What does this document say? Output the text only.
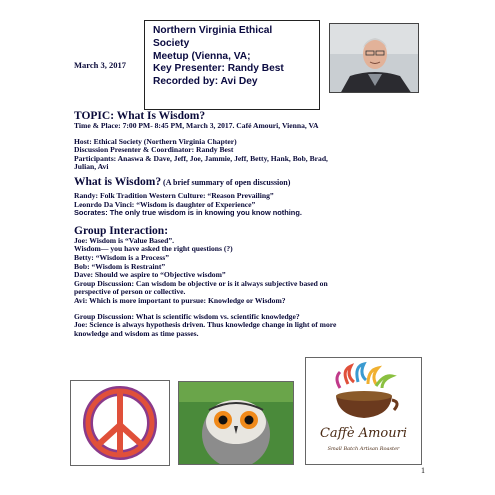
March 3, 2017
Northern Virginia Ethical
Society
Meetup (Vienna, VA;
Key Presenter: Randy Best
Recorded by: Avi Dey
TOPIC: What Is Wisdom?
Time & Place: 7:00 PM- 8:45 PM, March 3, 2017. Café Amouri, Vienna, VA
Host: Ethical Society (Northern Virginia Chapter)
Discussion Presenter & Coordinator: Randy Best
Participants: Anaswa & Dave, Jeff, Joe, Jammie, Jeff, Betty, Hank, Bob, Brad,
Julian, Avi
What is Wisdom? (A brief summary of open discussion)
Randy: Folk Tradition Western Culture: “Reason Prevailing”
Leonrdo Da Vinci: “Wisdom is daughter of Experience”
Socrates: The only true wisdom is in knowing you know nothing.
Group Interaction:
Joe: Wisdom is “Value Based”.
Wisdom— you have asked the right questions (?)
Betty: “Wisdom is a Process”
Bob: “Wisdom is Restraint”
Dave: Should we aspire to “Objective wisdom”
Group Discussion: Can wisdom be objective or is it always subjective based on
perspective of person or collective.
Avi: Which is more important to pursue: Knowledge or Wisdom?
Group Discussion: What is scientific wisdom vs. scientific knowledge?
Joe: Science is always hypothesis driven. Thus knowledge change in light of more
knowledge and wisdom as time passes.
Caffè Amouri
Small Batch Artisan Roaster
1
